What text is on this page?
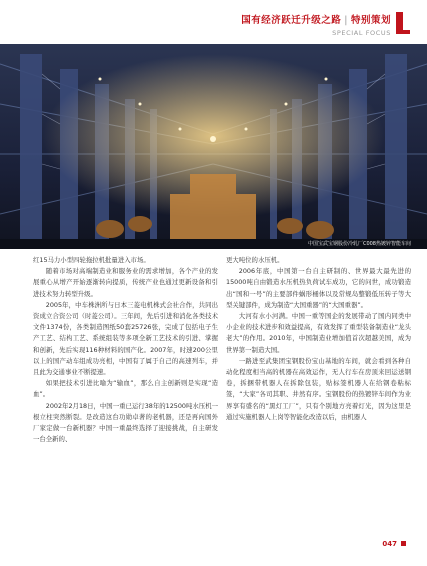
国有经济跃迁升级之路 | 特别策划
SPECIAL FOCUS
中国宝武宝钢股份冷轧厂C008热镀锌智能车间

红15马力小型四轮拖拉机批量进入市场。

随着市场对高端制造业和服务业的需求增加，各个产业的发展重心从增产开始逐渐转向提质，传统产业也通过更新设备和引进技术努力转型升级。

2005年，中车株洲所与日本三菱电机株式会社合作，共同出资成立合资公司（时菱公司）。三年间，先后引进和消化各类技术文件1374份，各类制造图纸50套25726张，完成了包括电子生产工艺、结构工艺、系统组装等多项全新工艺技术的引进、掌握和创新，先后实现116种材料的国产化。2007年，时速200公里以上的国产动车组成功亮相，中国有了属于自己的高速列车，并且此为交通事业不断提速。

如果把技术引进比喻为“输血”，那么自主创新则是实现“造血”。

2002年2月18日，中国一重已运行38年的12500吨水压机一根立柱突然断裂。是改造这台功勋卓著的老机器，还是再向国外厂家定做一台新机器？中国一重最终选择了迎接挑战，自主研发一台全新的、

更大吨位的水压机。

2006年底，中国第一台自主研制的、世界最大最先进的15000吨自由锻造水压机热负荷试车成功，它的问世，成功锻造出“国和一号”的主要部件蜗形桶体以及常规岛整锻低压转子等大型关键部件，成为制造“大国重器”的“大国重器”。

大河有水小河满。中国一重等国企的发展带动了国内同类中小企业的技术进步和效益提高，有效发挥了重型装备制造业“龙头老大”的作用。2010年，中国制造业增加值首次超越美国，成为世界第一制造大国。

一路进至武集团宝钢股份宝山基地的车间，就会看到各种自动化程度相当高的机器在高效运作，无人行车在房顶来回运送钢卷，拆捆带机器人在拆除包装，贴标签机器人在给钢卷粘标签，“大家”各司其职、井然有序。宝钢股份的热镀锌车间作为业界享有盛名的“黑灯工厂”，只有个别地方亮着灯光，因为这里是通过实施机器人上岗等智能化改造以后，由机器人

047
